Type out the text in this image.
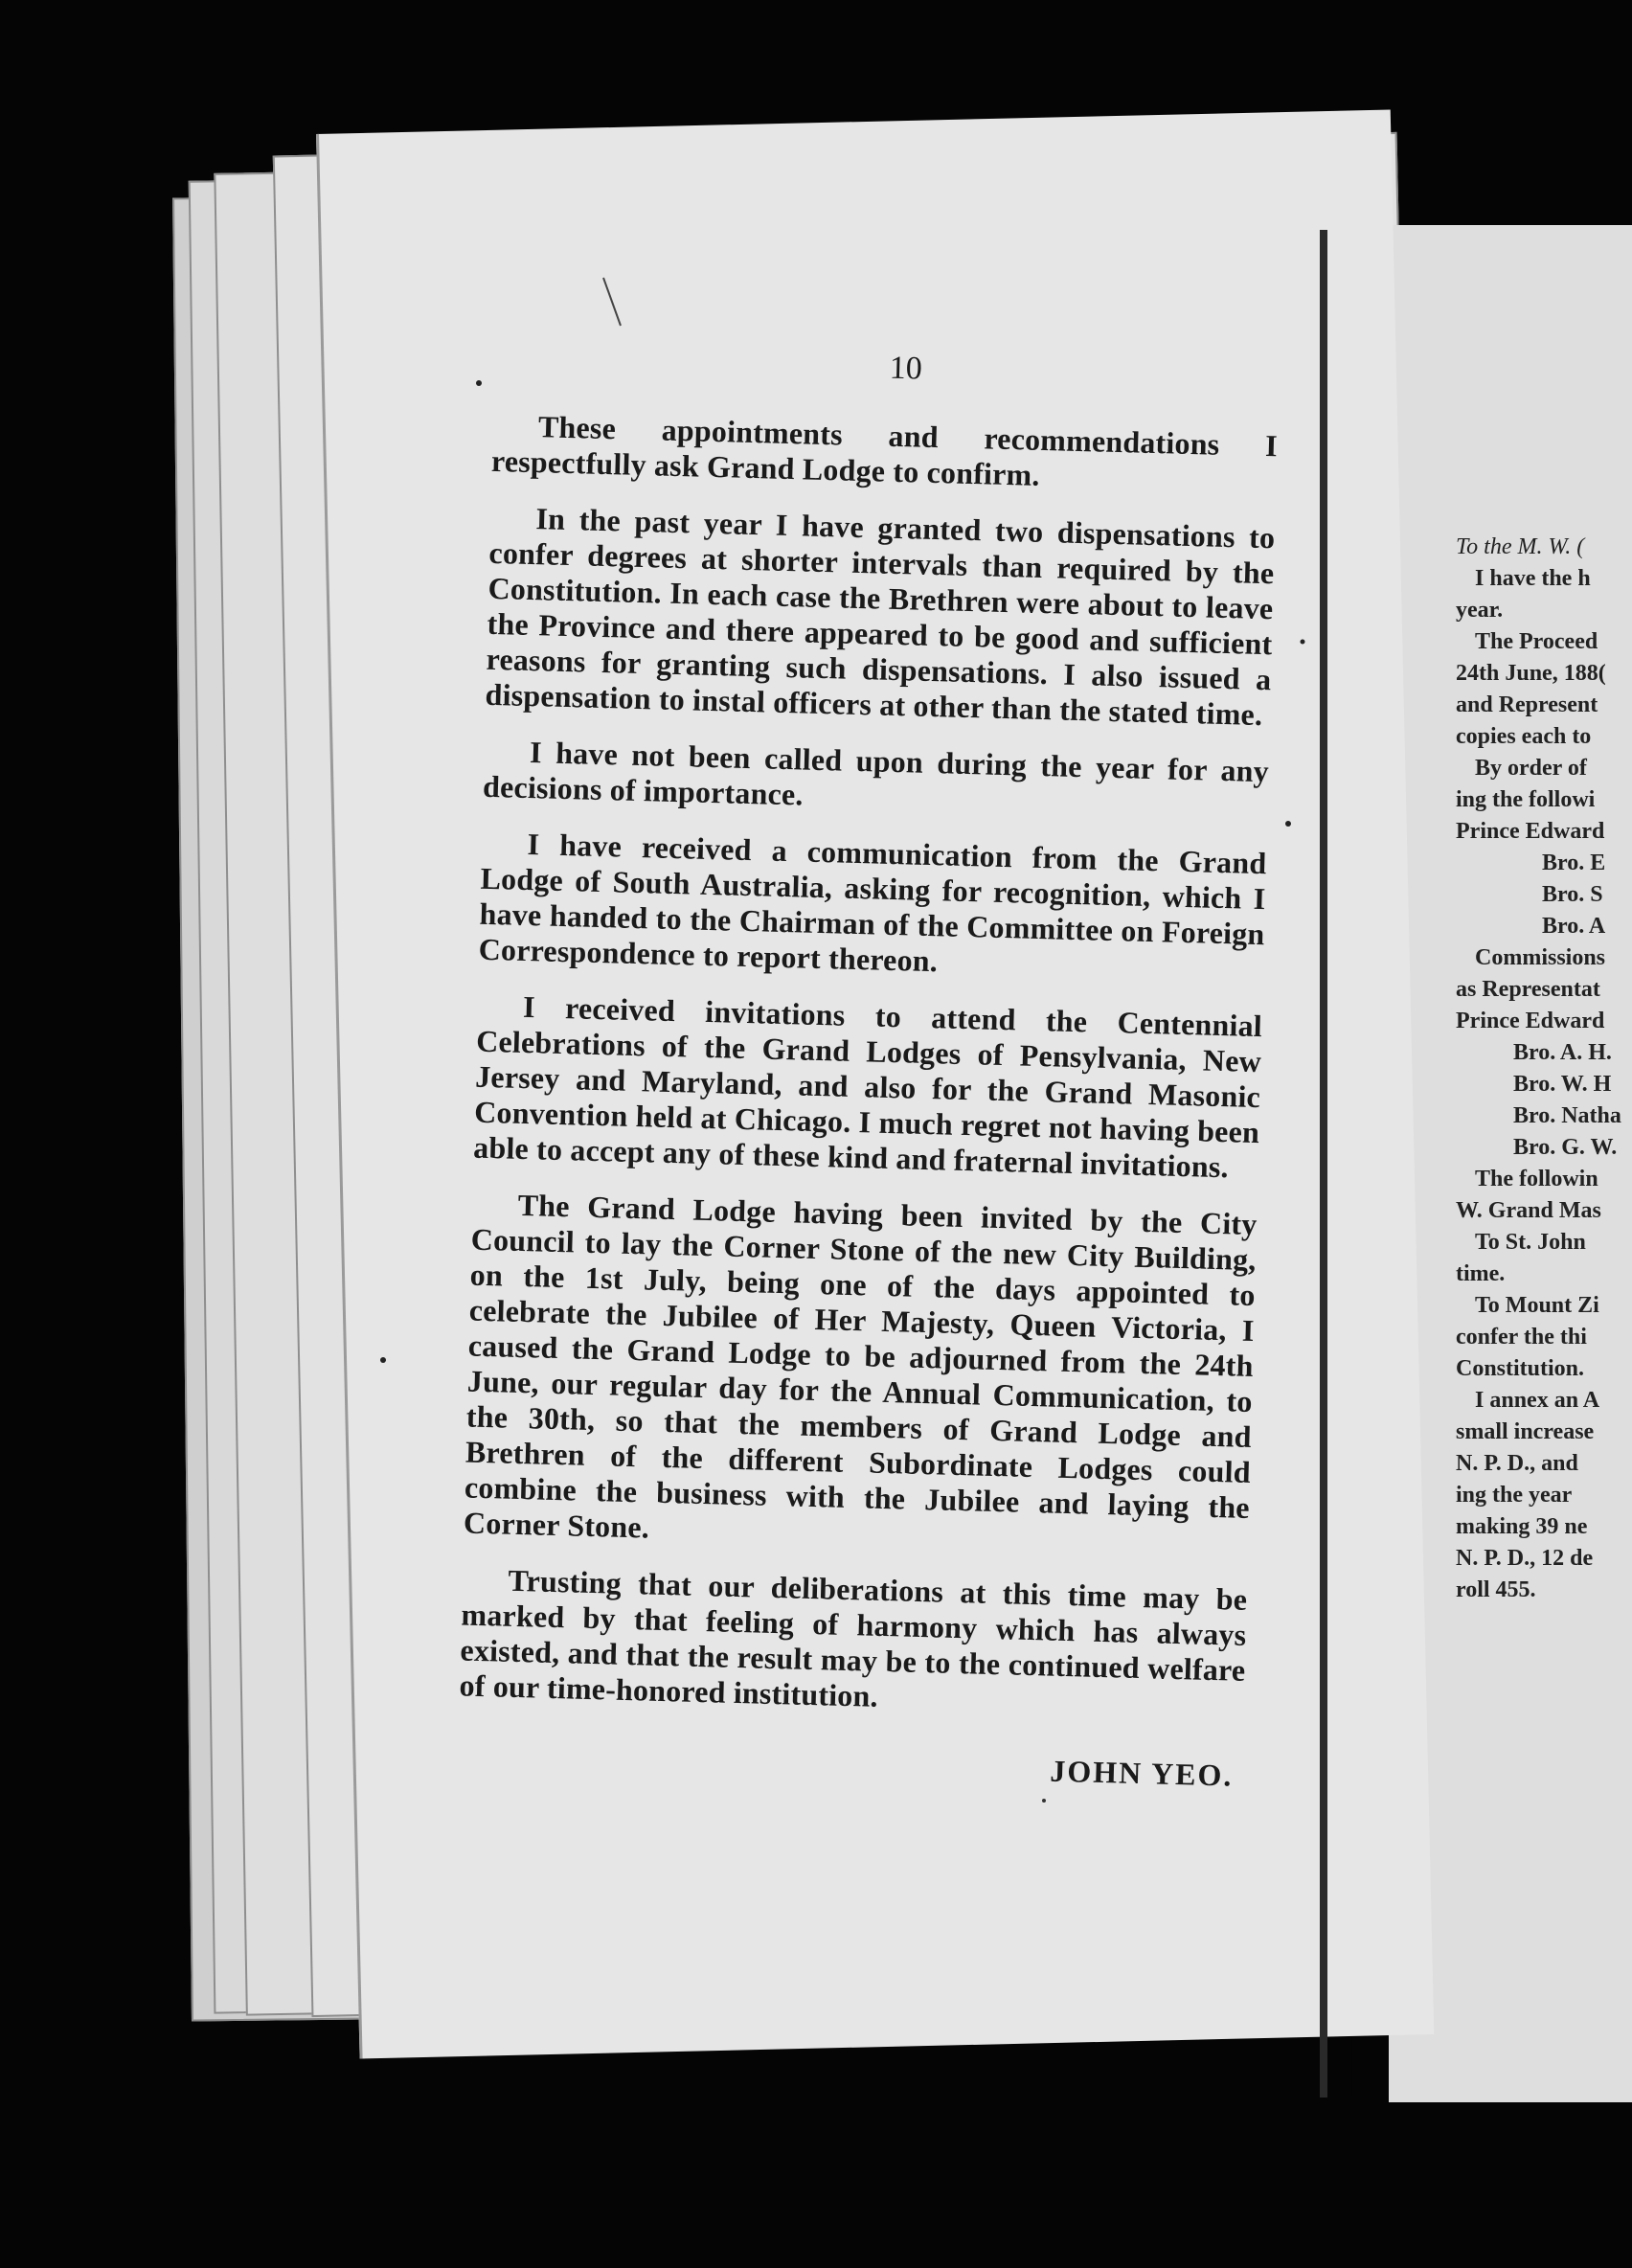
To the M. W. (
I have the h
year.
The Proceed
24th June, 188(
and Represent
copies each to
By order of
ing the followi
Prince Edward
Bro. E
Bro. S
Bro. A
Commissions
as Representat
Prince Edward
Bro. A. H.
Bro. W. H
Bro. Natha
Bro. G. W.
The followin
W. Grand Mas
To St. John
time.
To Mount Zi
confer the thi
Constitution.
I annex an A
small increase
N. P. D., and
ing the year
making 39 ne
N. P. D., 12 de
roll 455.
10

These appointments and recommendations I respectfully ask Grand Lodge to confirm.

In the past year I have granted two dispensations to confer degrees at shorter intervals than required by the Constitution. In each case the Brethren were about to leave the Province and there appeared to be good and sufficient reasons for granting such dispensations. I also issued a dispensation to instal officers at other than the stated time.

I have not been called upon during the year for any decisions of importance.

I have received a communication from the Grand Lodge of South Australia, asking for recognition, which I have handed to the Chairman of the Committee on Foreign Correspondence to report thereon.

I received invitations to attend the Centennial Celebrations of the Grand Lodges of Pensylvania, New Jersey and Maryland, and also for the Grand Masonic Convention held at Chicago. I much regret not having been able to accept any of these kind and fraternal invitations.

The Grand Lodge having been invited by the City Council to lay the Corner Stone of the new City Building, on the 1st July, being one of the days appointed to celebrate the Jubilee of Her Majesty, Queen Victoria, I caused the Grand Lodge to be adjourned from the 24th June, our regular day for the Annual Communication, to the 30th, so that the members of Grand Lodge and Brethren of the different Subordinate Lodges could combine the business with the Jubilee and laying the Corner Stone.

Trusting that our deliberations at this time may be marked by that feeling of harmony which has always existed, and that the result may be to the continued welfare of our time-honored institution.

JOHN YEO.
